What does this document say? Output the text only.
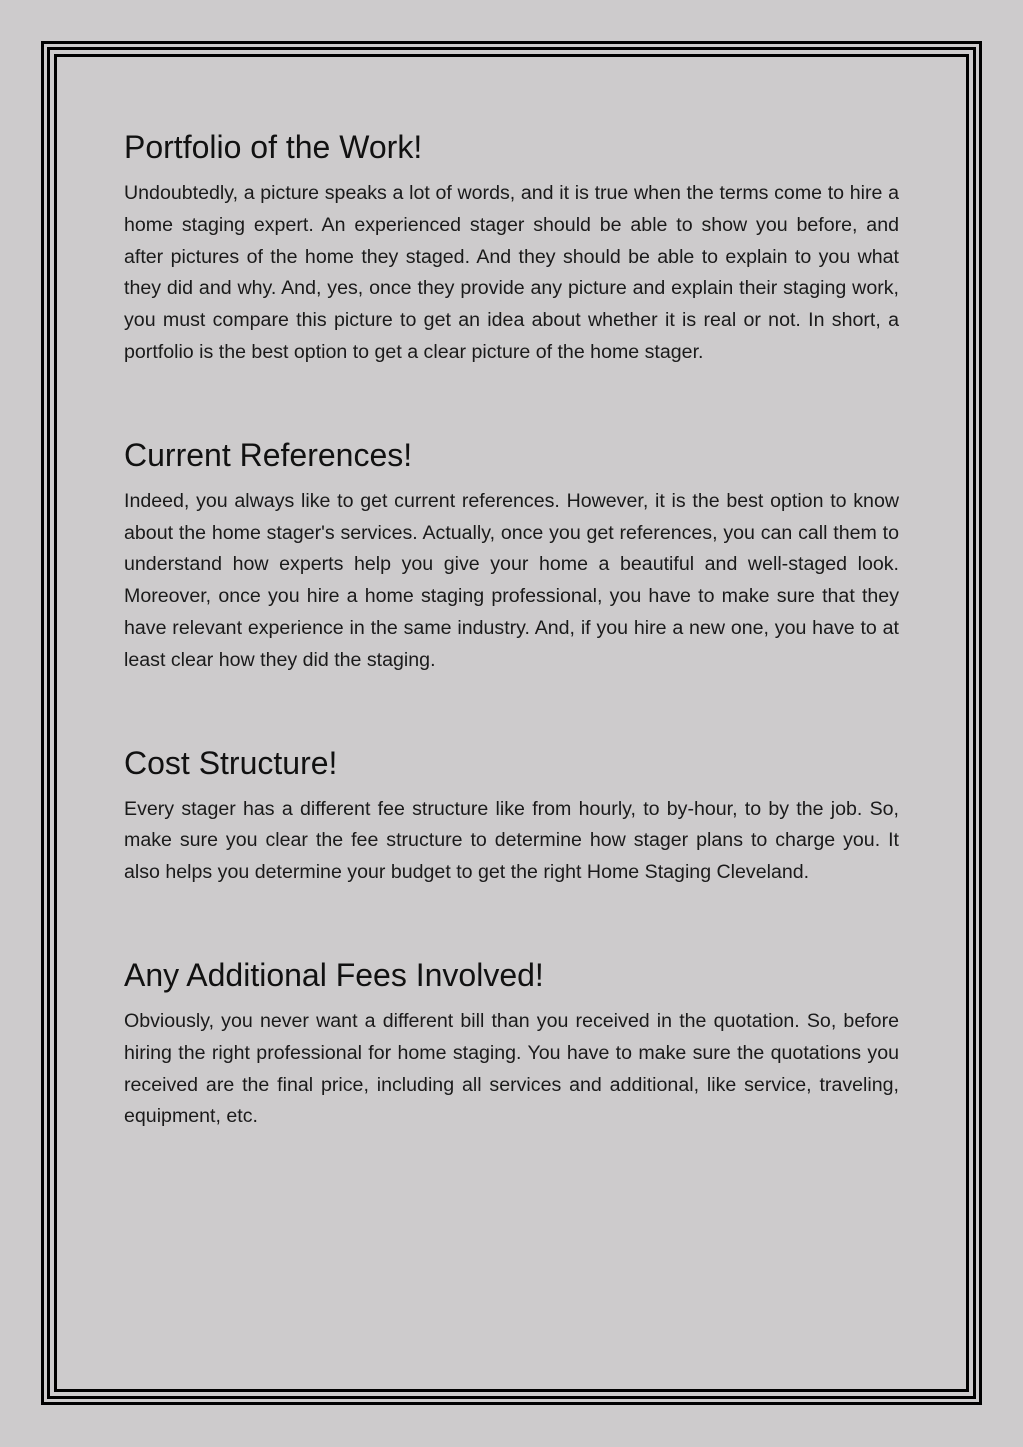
Portfolio of the Work!

Undoubtedly, a picture speaks a lot of words, and it is true when the terms come to hire a home staging expert. An experienced stager should be able to show you before, and after pictures of the home they staged. And they should be able to explain to you what they did and why. And, yes, once they provide any picture and explain their staging work, you must compare this picture to get an idea about whether it is real or not. In short, a portfolio is the best option to get a clear picture of the home stager.

Current References!

Indeed, you always like to get current references. However, it is the best option to know about the home stager's services. Actually, once you get references, you can call them to understand how experts help you give your home a beautiful and well-staged look. Moreover, once you hire a home staging professional, you have to make sure that they have relevant experience in the same industry. And, if you hire a new one, you have to at least clear how they did the staging.

Cost Structure!

Every stager has a different fee structure like from hourly, to by-hour, to by the job. So, make sure you clear the fee structure to determine how stager plans to charge you. It also helps you determine your budget to get the right Home Staging Cleveland.

Any Additional Fees Involved!

Obviously, you never want a different bill than you received in the quotation. So, before hiring the right professional for home staging. You have to make sure the quotations you received are the final price, including all services and additional, like service, traveling, equipment, etc.
